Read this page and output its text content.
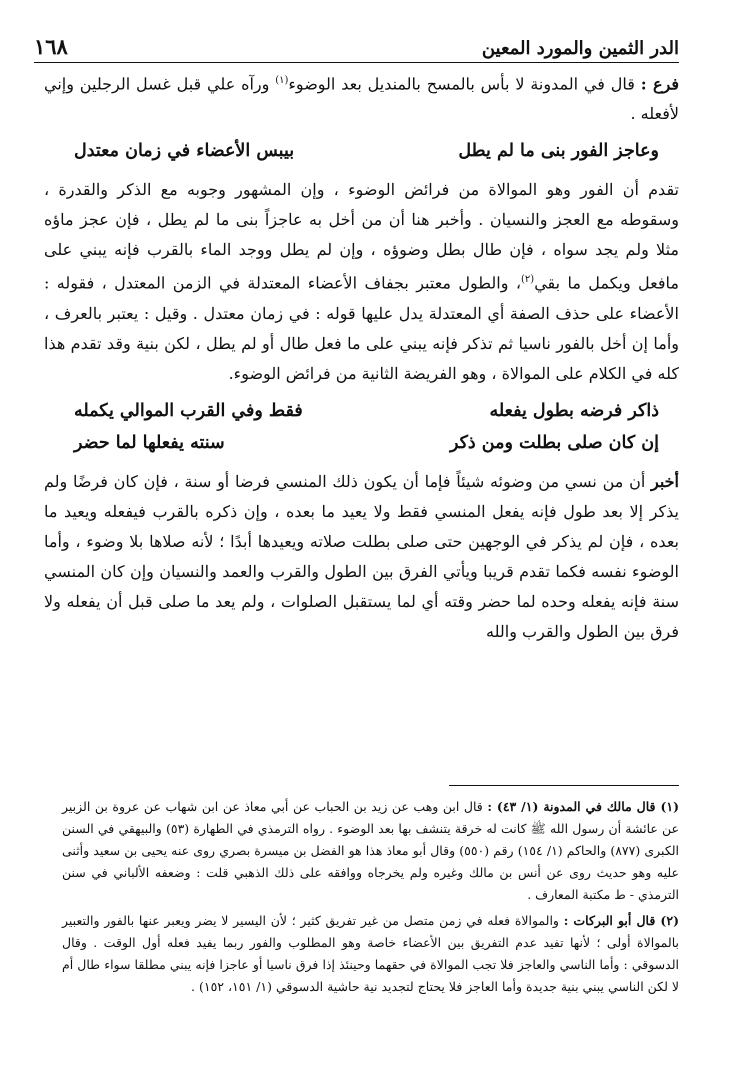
الدر الثمين والمورد المعين
١٦٨

فرع : قال في المدونة لا بأس بالمسح بالمنديل بعد الوضوء$^{(١)}$ ورآه علي قبل غسل الرجلين وإني لأفعله .

وعاجز الفور بنى ما لم يطل
بيبس الأعضاء في زمان معتدل

تقدم أن الفور وهو الموالاة من فرائض الوضوء ، وإن المشهور وجوبه مع الذكر والقدرة ، وسقوطه مع العجز والنسيان . وأخبر هنا أن من أخل به عاجزاً بنى ما لم يطل ، فإن عجز ماؤه مثلا ولم يجد سواه ، فإن طال بطل وضوؤه ، وإن لم يطل ووجد الماء بالقرب فإنه يبني على مافعل ويكمل ما بقي$^{(٢)}$، والطول معتبر بجفاف الأعضاء المعتدلة في الزمن المعتدل ، فقوله : الأعضاء على حذف الصفة أي المعتدلة يدل عليها قوله : في زمان معتدل . وقيل : يعتبر بالعرف ، وأما إن أخل بالفور ناسيا ثم تذكر فإنه يبني على ما فعل طال أو لم يطل ، لكن بنية وقد تقدم هذا كله في الكلام على الموالاة ، وهو الفريضة الثانية من فرائض الوضوء.

ذاكر فرضه بطول يفعله
فقط وفي القرب الموالي يكمله
إن كان صلى بطلت ومن ذكر
سنته يفعلها لما حضر

أخبر أن من نسي من وضوئه شيئاً فإما أن يكون ذلك المنسي فرضا أو سنة ، فإن كان فرضًا ولم يذكر إلا بعد طول فإنه يفعل المنسي فقط ولا يعيد ما بعده ، وإن ذكره بالقرب فيفعله ويعيد ما بعده ، فإن لم يذكر في الوجهين حتى صلى بطلت صلاته ويعيدها أبدًا ؛ لأنه صلاها بلا وضوء ، وأما الوضوء نفسه فكما تقدم قريبا ويأتي الفرق بين الطول والقرب والعمد والنسيان وإن كان المنسي سنة فإنه يفعله وحده لما حضر وقته أي لما يستقبل الصلوات ، ولم يعد ما صلى قبل أن يفعله ولا فرق بين الطول والقرب والله

(١) قال مالك في المدونة (١/ ٤٣) : قال ابن وهب عن زيد بن الحباب عن أبي معاذ عن ابن شهاب عن عروة بن الزبير عن عائشة أن رسول الله ﷺ كانت له خرقة يتنشف بها بعد الوضوء . رواه الترمذي في الطهارة (٥٣) والبيهقي في السنن الكبرى (٨٧٧) والحاكم (١/ ١٥٤) رقم (٥٥٠) وقال أبو معاذ هذا هو الفضل بن ميسرة بصري روى عنه يحيى بن سعيد وأثنى عليه وهو حديث روى عن أنس بن مالك وغيره ولم يخرجاه ووافقه على ذلك الذهبي قلت : وضعفه الألباني في سنن الترمذي - ط مكتبة المعارف .

(٢) قال أبو البركات : والموالاة فعله في زمن متصل من غير تفريق كثير ؛ لأن اليسير لا يضر ويعبر عنها بالفور والتعبير بالموالاة أولى ؛ لأنها تفيد عدم التفريق بين الأعضاء خاصة وهو المطلوب والفور ربما يفيد فعله أول الوقت . وقال الدسوقي : وأما الناسي والعاجز فلا تجب الموالاة في حقهما وحينئذ إذا فرق ناسيا أو عاجزا فإنه يبني مطلقا سواء طال أم لا لكن الناسي يبني بنية جديدة وأما العاجز فلا يحتاج لتجديد نية حاشية الدسوقي (١/ ١٥١، ١٥٢) .
